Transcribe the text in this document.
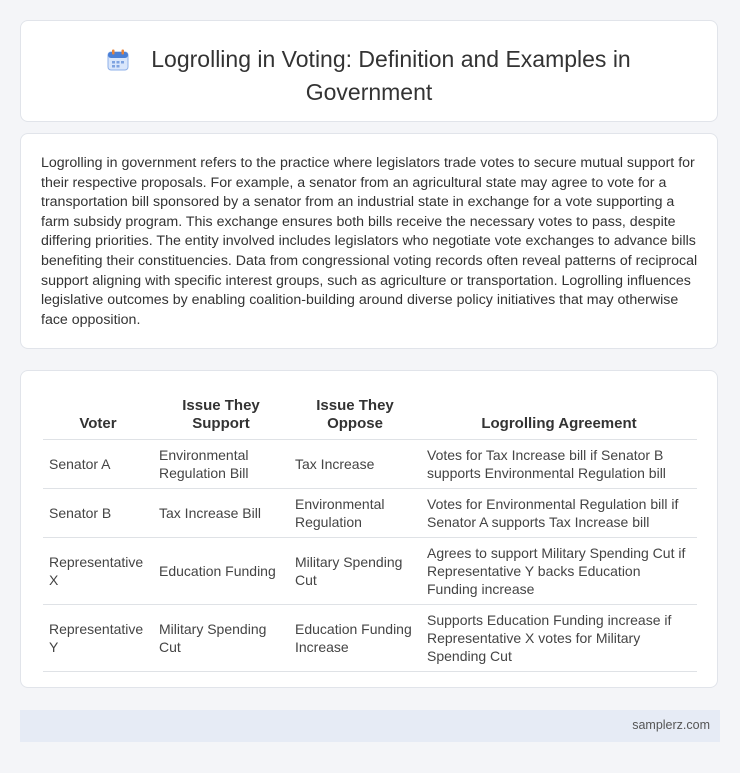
Logrolling in Voting: Definition and Examples in
Government

Logrolling in government refers to the practice where legislators trade votes to secure mutual support for their respective proposals. For example, a senator from an agricultural state may agree to vote for a transportation bill sponsored by a senator from an industrial state in exchange for a vote supporting a farm subsidy program. This exchange ensures both bills receive the necessary votes to pass, despite differing priorities. The entity involved includes legislators who negotiate vote exchanges to advance bills benefiting their constituencies. Data from congressional voting records often reveal patterns of reciprocal support aligning with specific interest groups, such as agriculture or transportation. Logrolling influences legislative outcomes by enabling coalition-building around diverse policy initiatives that may otherwise face opposition.

Voter	Issue They Support	Issue They Oppose	Logrolling Agreement
Senator A	Environmental Regulation Bill	Tax Increase	Votes for Tax Increase bill if Senator B supports Environmental Regulation bill
Senator B	Tax Increase Bill	Environmental Regulation	Votes for Environmental Regulation bill if Senator A supports Tax Increase bill
Representative X	Education Funding	Military Spending Cut	Agrees to support Military Spending Cut if Representative Y backs Education Funding increase
Representative Y	Military Spending Cut	Education Funding Increase	Supports Education Funding increase if Representative X votes for Military Spending Cut
samplerz.com
